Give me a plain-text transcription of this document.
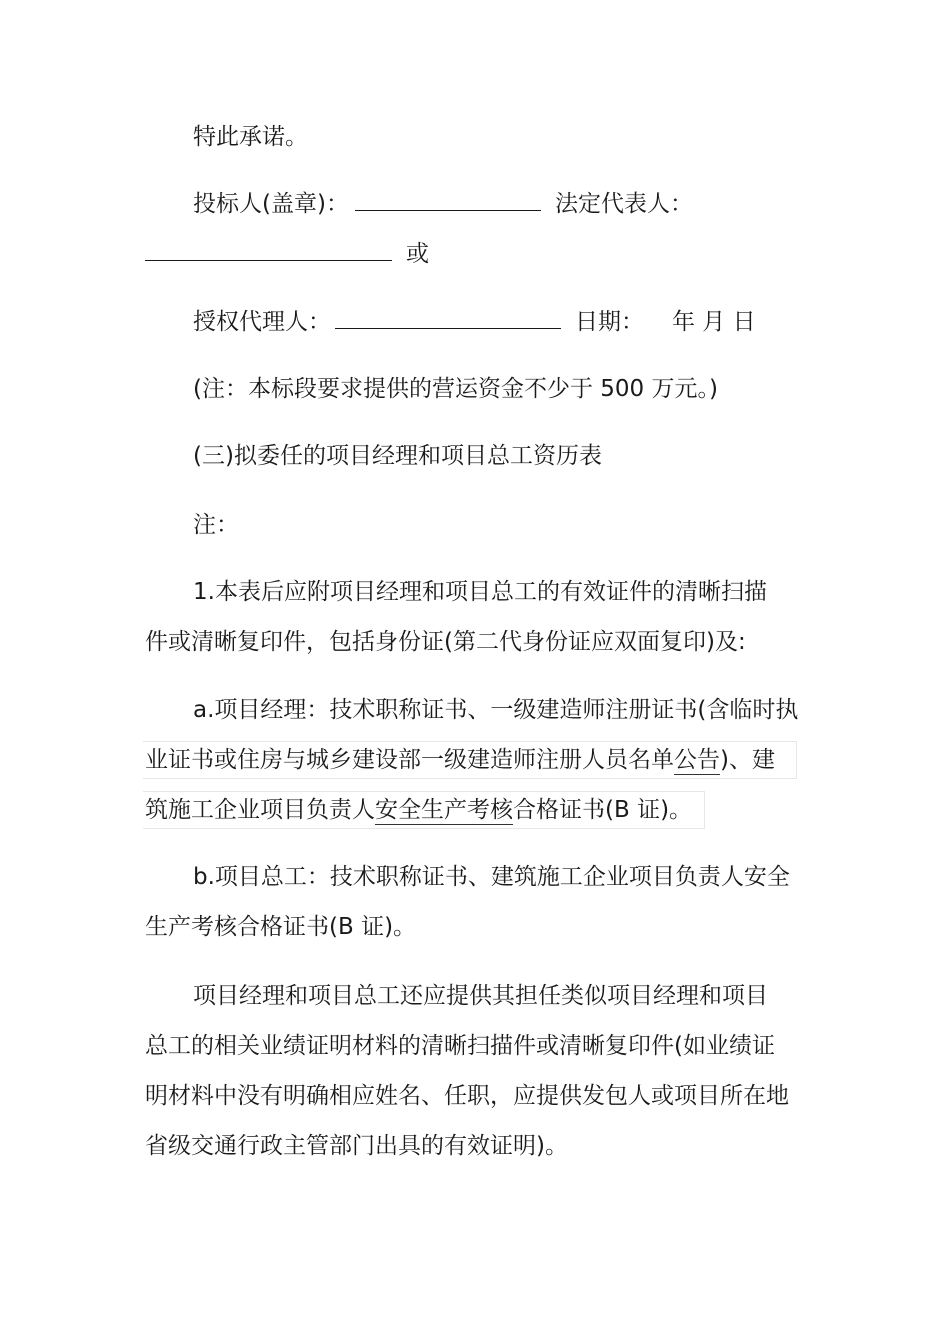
特此承诺。
投标人(盖章)：	法定代表人：
或
授权代理人：	日期： 年 月 日
(注：本标段要求提供的营运资金不少于 500 万元。)
(三)拟委任的项目经理和项目总工资历表
注：
1.本表后应附项目经理和项目总工的有效证件的清晰扫描
件或清晰复印件，包括身份证(第二代身份证应双面复印)及:
a.项目经理：技术职称证书、一级建造师注册证书(含临时执
业证书或住房与城乡建设部一级建造师注册人员名单公告)、建
筑施工企业项目负责人安全生产考核合格证书(B 证)。
b.项目总工：技术职称证书、建筑施工企业项目负责人安全
生产考核合格证书(B 证)。
项目经理和项目总工还应提供其担任类似项目经理和项目
总工的相关业绩证明材料的清晰扫描件或清晰复印件(如业绩证
明材料中没有明确相应姓名、任职，应提供发包人或项目所在地
省级交通行政主管部门出具的有效证明)。
